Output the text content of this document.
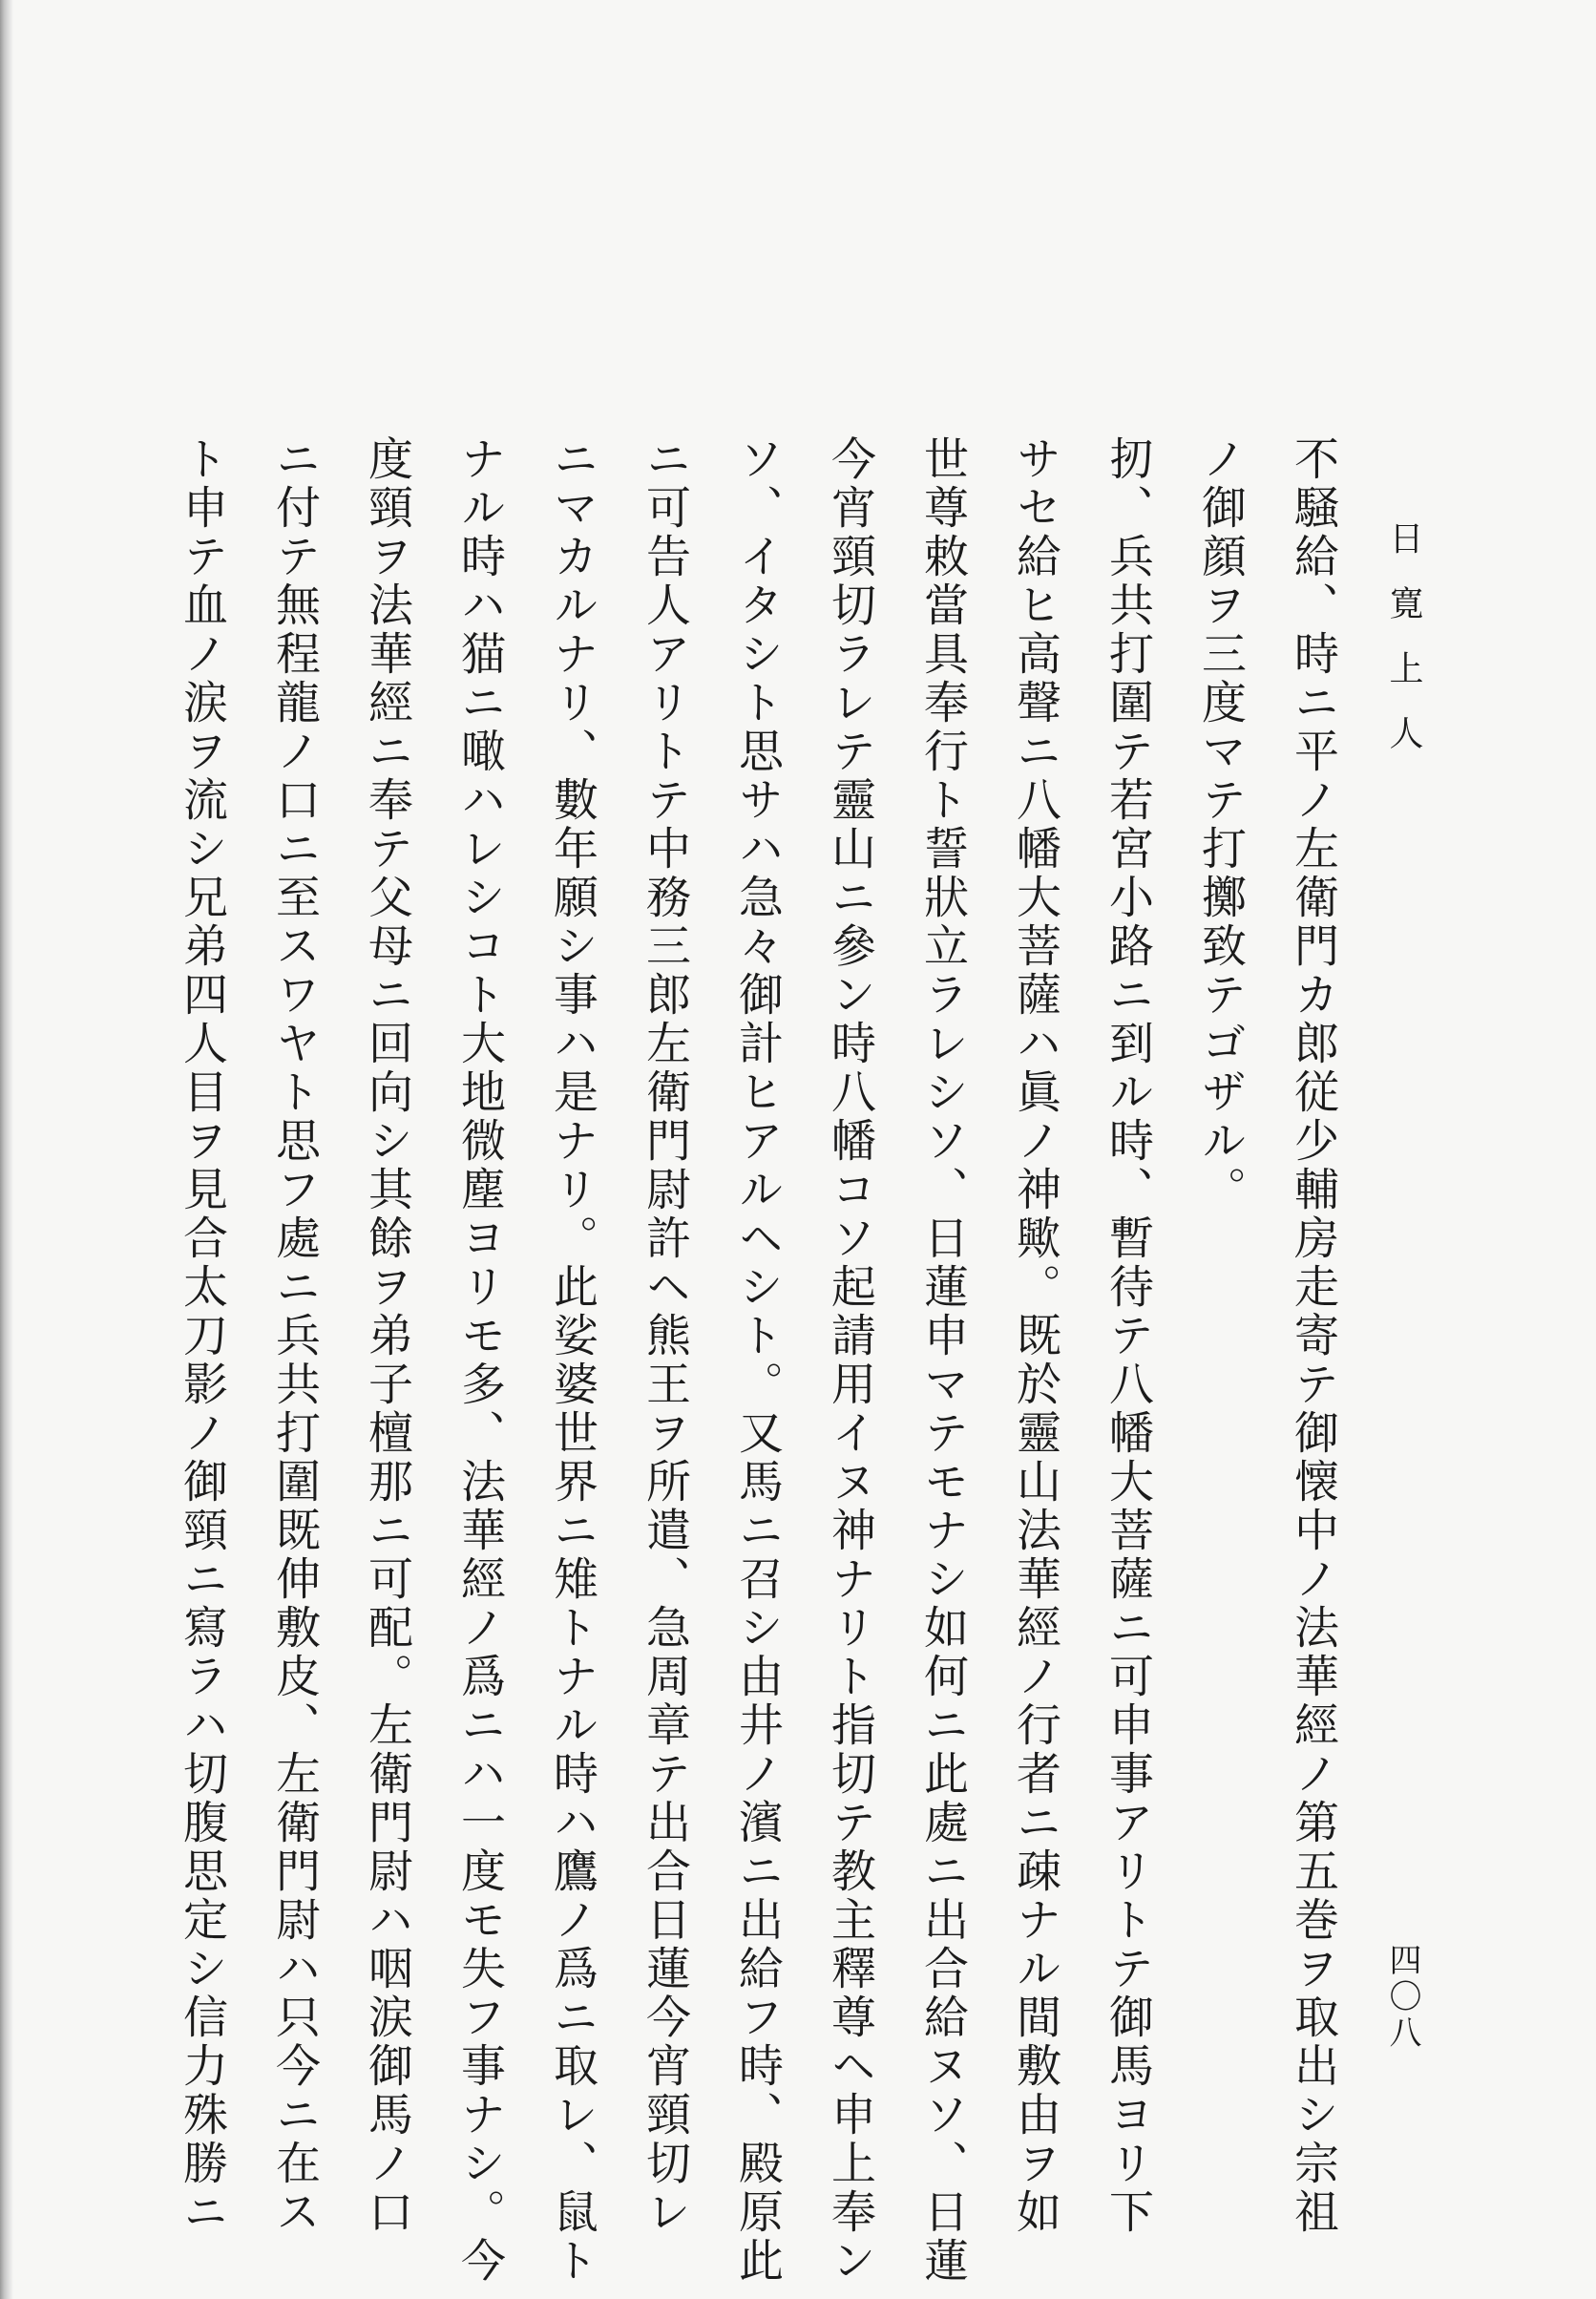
日寛上人
四〇八
不騒給、時ニ平ノ左衛門カ郎従少輔房走寄テ御懐中ノ法華經ノ第五巻ヲ取出シ宗祖
ノ御顔ヲ三度マテ打擲致テゴザル。
扨、兵共打圍テ若宮小路ニ到ル時、暫待テ八幡大菩薩ニ可申事アリトテ御馬ヨリ下
サセ給ヒ高聲ニ八幡大菩薩ハ眞ノ神歟。既於靈山法華經ノ行者ニ疎ナル間敷由ヲ如
世尊敕當具奉行ト誓狀立ラレシソ、日蓮申マテモナシ如何ニ此處ニ出合給ヌソ、日蓮
今宵頸切ラレテ靈山ニ參ン時八幡コソ起請用イヌ神ナリト指切テ教主釋尊ヘ申上奉ン
ソ、イタシト思サハ急々御計ヒアルヘシト。又馬ニ召シ由井ノ濱ニ出給フ時、殿原此
ニ可告人アリトテ中務三郎左衛門尉許ヘ熊王ヲ所遣、急周章テ出合日蓮今宵頸切レ
ニマカルナリ、數年願シ事ハ是ナリ。此娑婆世界ニ雉トナル時ハ鷹ノ爲ニ取レ、鼠ト
ナル時ハ猫ニ噉ハレシコト大地微塵ヨリモ多、法華經ノ爲ニハ一度モ失フ事ナシ。今
度頸ヲ法華經ニ奉テ父母ニ回向シ其餘ヲ弟子檀那ニ可配。左衛門尉ハ咽涙御馬ノ口
ニ付テ無程龍ノ口ニ至スワヤト思フ處ニ兵共打圍既伸敷皮、左衛門尉ハ只今ニ在ス
ト申テ血ノ涙ヲ流シ兄弟四人目ヲ見合太刀影ノ御頸ニ寫ラハ切腹思定シ信力殊勝ニ
